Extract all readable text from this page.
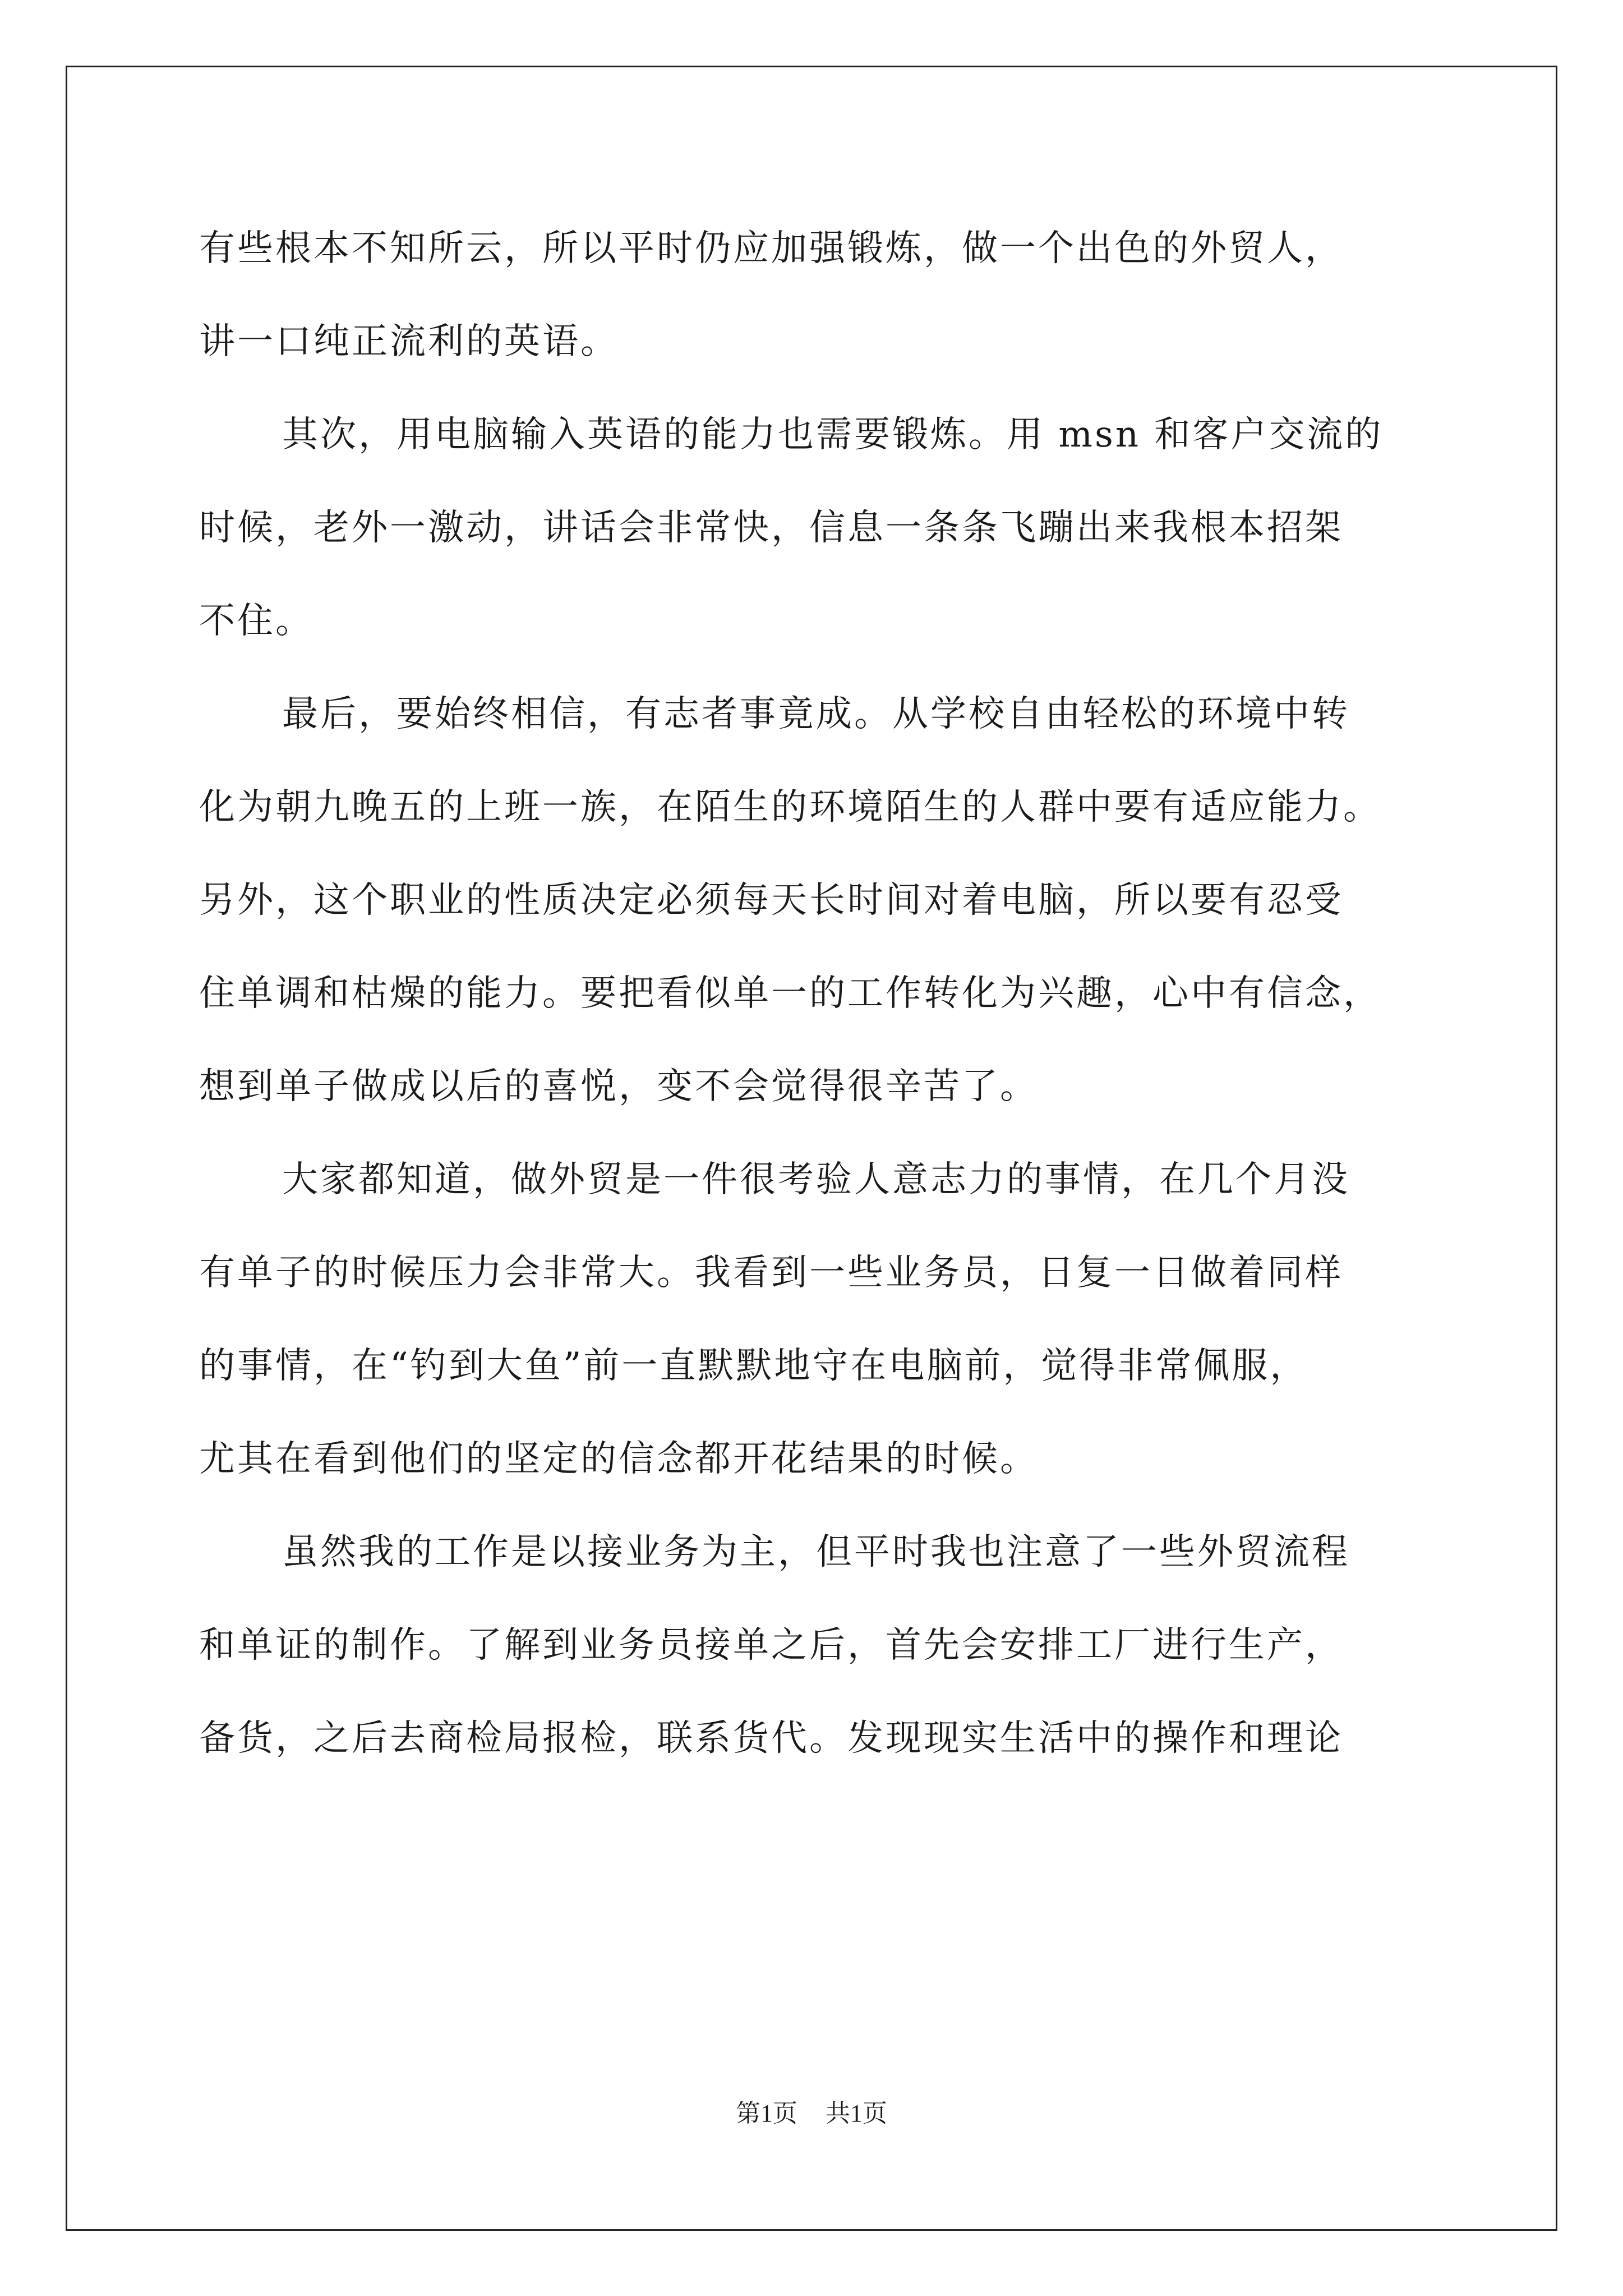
有些根本不知所云，所以平时仍应加强锻炼，做一个出色的外贸人，
讲一口纯正流利的英语。
其次，用电脑输入英语的能力也需要锻炼。用 msn 和客户交流的
时候，老外一激动，讲话会非常快，信息一条条飞蹦出来我根本招架
不住。
最后，要始终相信，有志者事竟成。从学校自由轻松的环境中转
化为朝九晚五的上班一族，在陌生的环境陌生的人群中要有适应能力。
另外，这个职业的性质决定必须每天长时间对着电脑，所以要有忍受
住单调和枯燥的能力。要把看似单一的工作转化为兴趣，心中有信念，
想到单子做成以后的喜悦，变不会觉得很辛苦了。
大家都知道，做外贸是一件很考验人意志力的事情，在几个月没
有单子的时候压力会非常大。我看到一些业务员，日复一日做着同样
的事情，在“钓到大鱼”前一直默默地守在电脑前，觉得非常佩服，
尤其在看到他们的坚定的信念都开花结果的时候。
虽然我的工作是以接业务为主，但平时我也注意了一些外贸流程
和单证的制作。了解到业务员接单之后，首先会安排工厂进行生产，
备货，之后去商检局报检，联系货代。发现现实生活中的操作和理论
第1页 共1页
